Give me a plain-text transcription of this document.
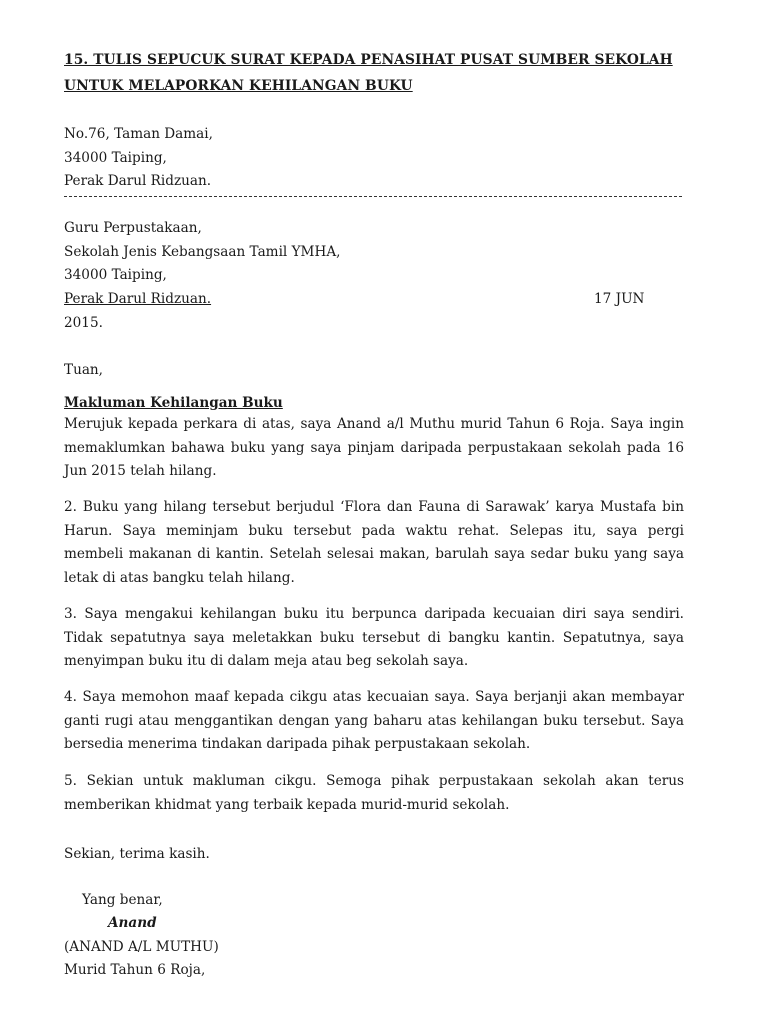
15. TULIS SEPUCUK SURAT KEPADA PENASIHAT PUSAT SUMBER SEKOLAH
UNTUK MELAPORKAN KEHILANGAN BUKU
No.76, Taman Damai,
34000 Taiping,
Perak Darul Ridzuan.
Guru Perpustakaan,
Sekolah Jenis Kebangsaan Tamil YMHA,
34000 Taiping,
Perak Darul Ridzuan.	17 JUN
2015.
Tuan,
Makluman Kehilangan Buku
Merujuk kepada perkara di atas, saya Anand a/l Muthu murid Tahun 6 Roja. Saya ingin
memaklumkan bahawa buku yang saya pinjam daripada perpustakaan sekolah pada 16
Jun 2015 telah hilang.
2. Buku yang hilang tersebut berjudul ‘Flora dan Fauna di Sarawak’ karya Mustafa bin
Harun. Saya meminjam buku tersebut pada waktu rehat. Selepas itu, saya pergi
membeli makanan di kantin. Setelah selesai makan, barulah saya sedar buku yang saya
letak di atas bangku telah hilang.
3. Saya mengakui kehilangan buku itu berpunca daripada kecuaian diri saya sendiri.
Tidak sepatutnya saya meletakkan buku tersebut di bangku kantin. Sepatutnya, saya
menyimpan buku itu di dalam meja atau beg sekolah saya.
4. Saya memohon maaf kepada cikgu atas kecuaian saya. Saya berjanji akan membayar
ganti rugi atau menggantikan dengan yang baharu atas kehilangan buku tersebut. Saya
bersedia menerima tindakan daripada pihak perpustakaan sekolah.
5. Sekian untuk makluman cikgu. Semoga pihak perpustakaan sekolah akan terus
memberikan khidmat yang terbaik kepada murid-murid sekolah.
Sekian, terima kasih.
Yang benar,
Anand
(ANAND A/L MUTHU)
Murid Tahun 6 Roja,
